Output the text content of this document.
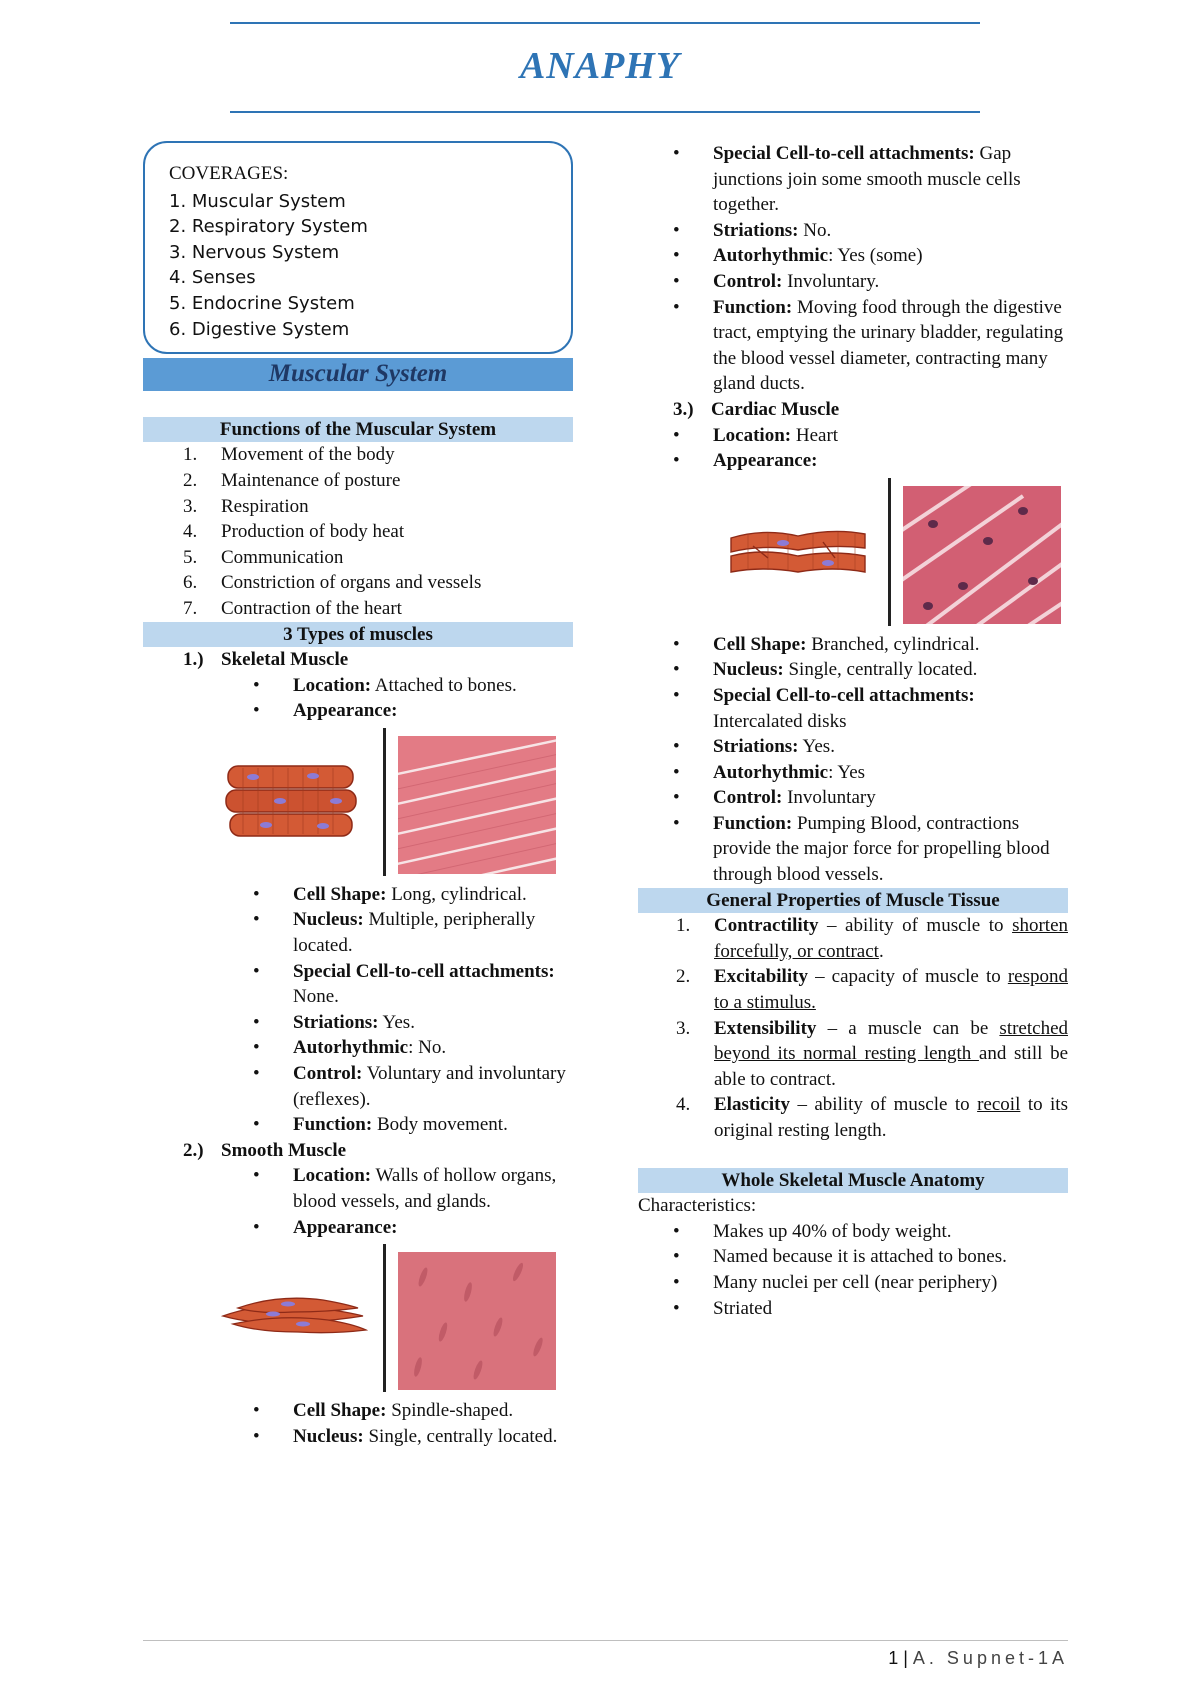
ANAPHY
COVERAGES:
1. Muscular System
2. Respiratory System
3. Nervous System
4. Senses
5. Endocrine System
6. Digestive System
Muscular System
Functions of the Muscular System
1.	Movement of the body
2.	Maintenance of posture
3.	Respiration
4.	Production of body heat
5.	Communication
6.	Constriction of organs and vessels
7.	Contraction of the heart
3 Types of muscles
1.) Skeletal Muscle
•	Location: Attached to bones.
•	Appearance:
•	Cell Shape: Long, cylindrical.
•	Nucleus: Multiple, peripherally located.
•	Special Cell-to-cell attachments: None.
•	Striations: Yes.
•	Autorhythmic: No.
•	Control: Voluntary and involuntary (reflexes).
•	Function: Body movement.
2.) Smooth Muscle
•	Location: Walls of hollow organs, blood vessels, and glands.
•	Appearance:
•	Cell Shape: Spindle-shaped.
•	Nucleus: Single, centrally located.
•	Special Cell-to-cell attachments: Gap junctions join some smooth muscle cells together.
•	Striations: No.
•	Autorhythmic: Yes (some)
•	Control: Involuntary.
•	Function: Moving food through the digestive tract, emptying the urinary bladder, regulating the blood vessel diameter, contracting many gland ducts.
3.) Cardiac Muscle
•	Location: Heart
•	Appearance:
•	Cell Shape: Branched, cylindrical.
•	Nucleus: Single, centrally located.
•	Special Cell-to-cell attachments: Intercalated disks
•	Striations: Yes.
•	Autorhythmic: Yes
•	Control: Involuntary
•	Function: Pumping Blood, contractions provide the major force for propelling blood through blood vessels.
General Properties of Muscle Tissue
1.	Contractility – ability of muscle to shorten forcefully, or contract.
2.	Excitability – capacity of muscle to respond to a stimulus.
3.	Extensibility – a muscle can be stretched beyond its normal resting length and still be able to contract.
4.	Elasticity – ability of muscle to recoil to its original resting length.
Whole Skeletal Muscle Anatomy
Characteristics:
•	Makes up 40% of body weight.
•	Named because it is attached to bones.
•	Many nuclei per cell (near periphery)
•	Striated
1 | A. Supnet-1A
